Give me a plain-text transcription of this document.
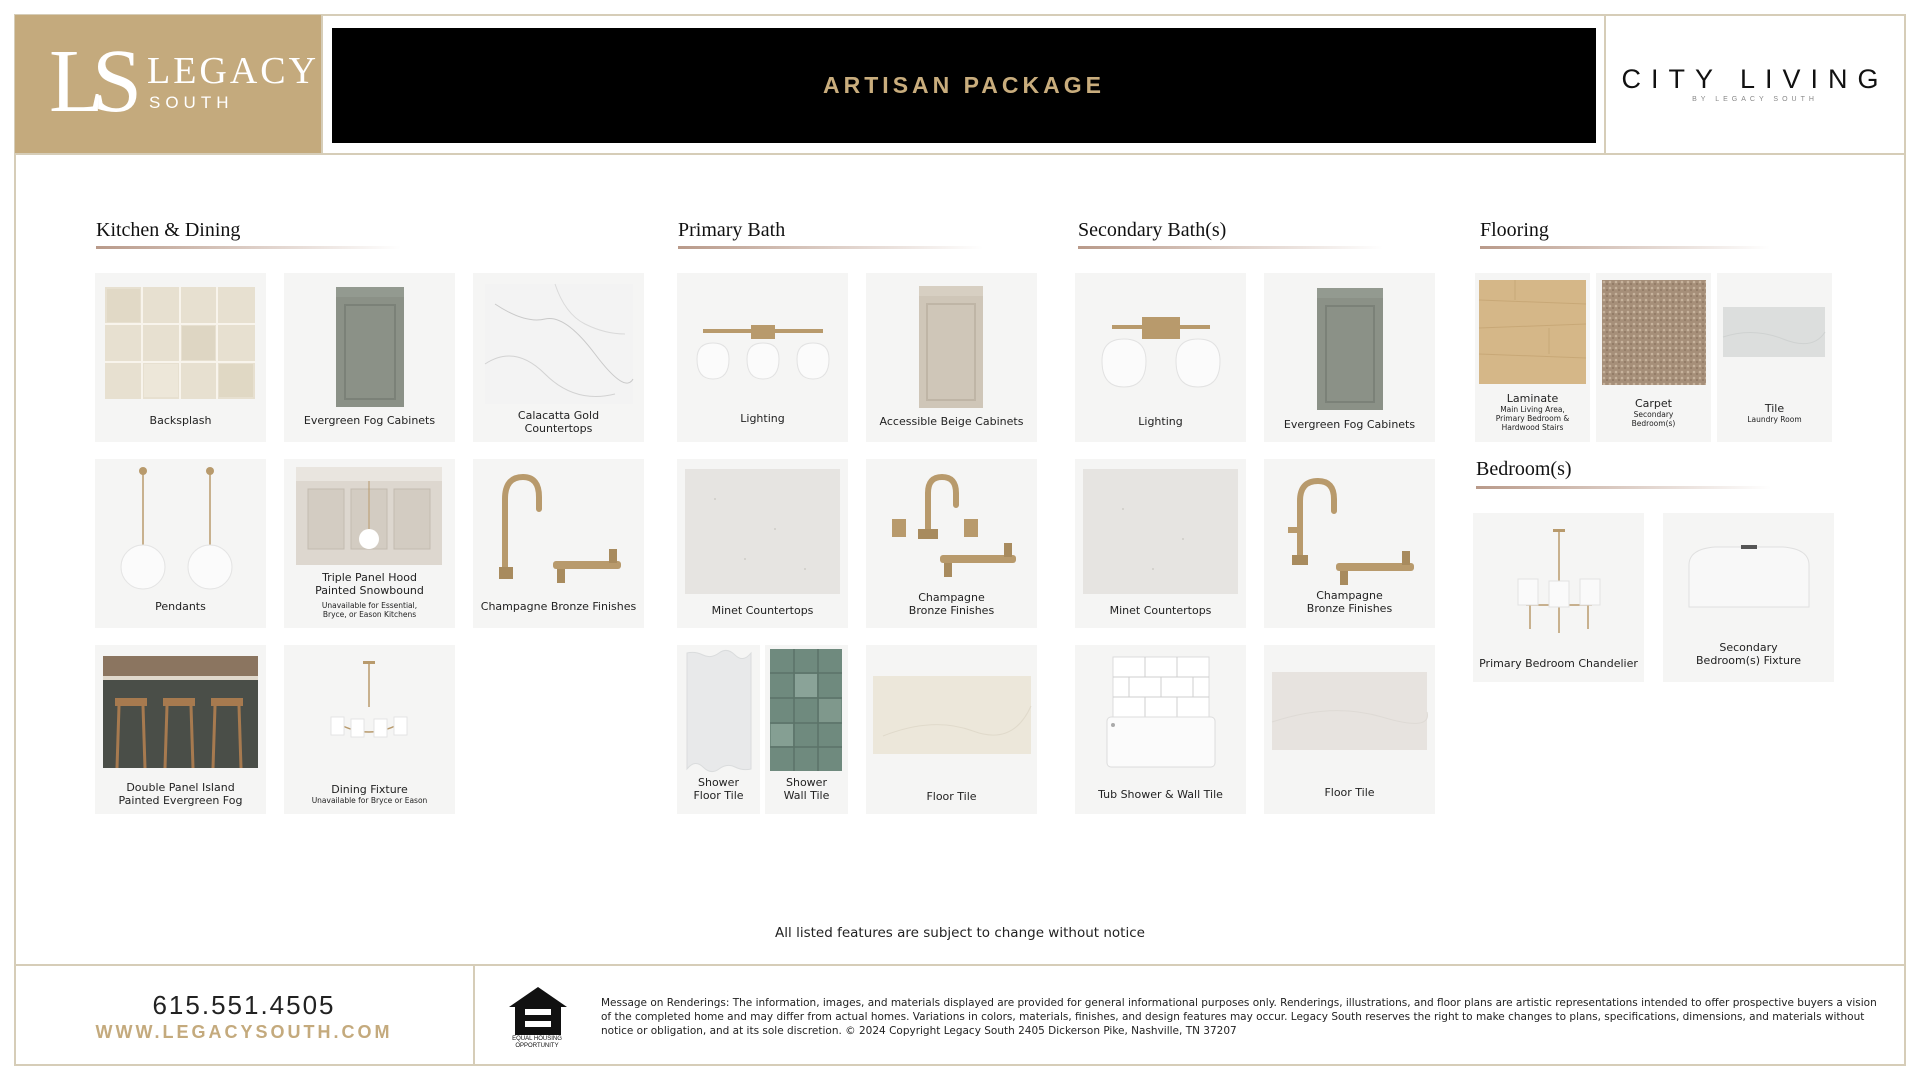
LS LEGACY
SOUTH
ARTISAN PACKAGE	CITY LIVING
BY LEGACY SOUTH
Kitchen & Dining	Primary Bath	Secondary Bath(s)	Flooring
Bedroom(s)
Backsplash	Evergreen Fog Cabinets	Calacatta Gold
Countertops
Pendants
Triple Panel Hood
Painted Snowbound
Unavailable for Essential,
Bryce, or Eason Kitchens
Champagne Bronze Finishes
Double Panel Island
Painted Evergreen Fog
Dining Fixture
Unavailable for Bryce or Eason
Lighting	Accessible Beige Cabinets
Minet Countertops
Champagne
Bronze Finishes
Shower
Floor Tile
Shower
Wall Tile	Floor Tile
Lighting	Evergreen Fog Cabinets
Minet Countertops
Champagne
Bronze Finishes
Tub Shower & Wall Tile	Floor Tile
Laminate
Main Living Area,
Primary Bedroom &
Hardwood Stairs
Carpet
Secondary
Bedroom(s)
Tile
Laundry Room
Primary Bedroom Chandelier
Secondary
Bedroom(s) Fixture
All listed features are subject to change without notice
615.551.4505
WWW.LEGACYSOUTH.COM	EQUAL HOUSING
OPPORTUNITY
Message on Renderings: The information, images, and materials displayed are provided for general informational purposes only. Renderings, illustrations, and floor plans are artistic representations intended to offer prospective buyers a vision of the completed home and may differ from actual homes. Variations in colors, materials, finishes, and design features may occur. Legacy South reserves the right to make changes to plans, specifications, dimensions, and materials without notice or obligation, and at its sole discretion. © 2024 Copyright Legacy South 2405 Dickerson Pike, Nashville, TN 37207
